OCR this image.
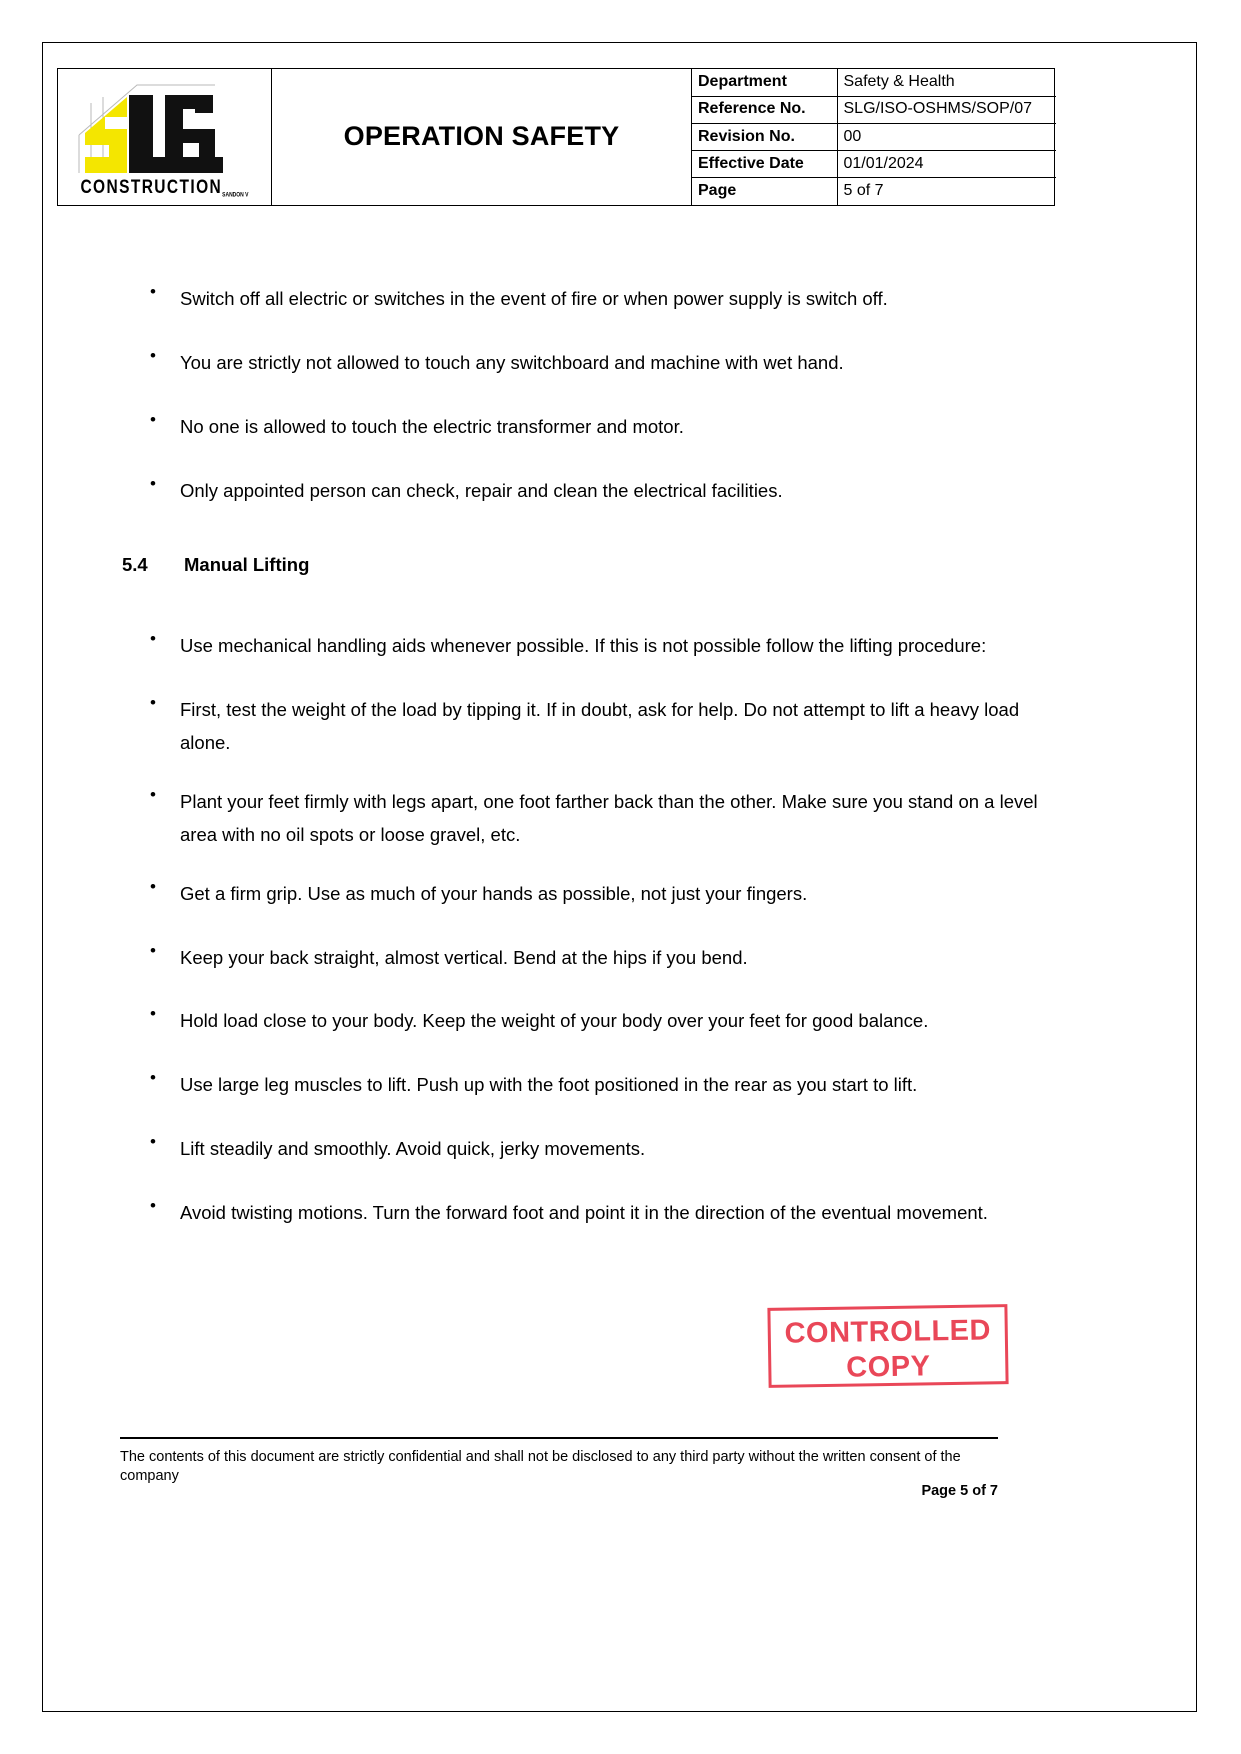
CONSTRUCTIONSANDON V

OPERATION SAFETY

Department	Safety & Health
Reference No.	SLG/ISO-OSHMS/SOP/07
Revision No.	00
Effective Date	01/01/2024
Page	5 of 7
•	Switch off all electric or switches in the event of fire or when power supply is switch off.
•	You are strictly not allowed to touch any switchboard and machine with wet hand.
•	No one is allowed to touch the electric transformer and motor.
•	Only appointed person can check, repair and clean the electrical facilities.
5.4	Manual Lifting
•	Use mechanical handling aids whenever possible. If this is not possible follow the lifting procedure:
•	First, test the weight of the load by tipping it. If in doubt, ask for help. Do not attempt to lift a heavy load alone.
•	Plant your feet firmly with legs apart, one foot farther back than the other. Make sure you stand on a level area with no oil spots or loose gravel, etc.
•	Get a firm grip. Use as much of your hands as possible, not just your fingers.
•	Keep your back straight, almost vertical. Bend at the hips if you bend.
•	Hold load close to your body. Keep the weight of your body over your feet for good balance.
•	Use large leg muscles to lift. Push up with the foot positioned in the rear as you start to lift.
•	Lift steadily and smoothly. Avoid quick, jerky movements.
•	Avoid twisting motions. Turn the forward foot and point it in the direction of the eventual movement.
CONTROLLED
COPY
The contents of this document are strictly confidential and shall not be disclosed to any third party without the written consent of the company
Page 5 of 7
